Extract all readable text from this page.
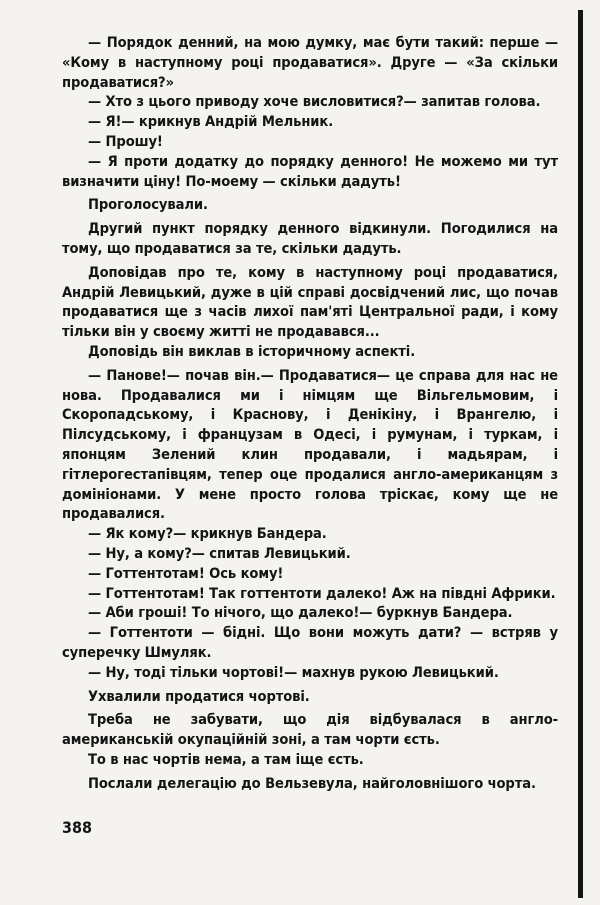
— Порядок денний, на мою думку, має бути такий: перше — «Кому в наступному році продаватися». Друге — «За скільки продаватися?»

— Хто з цього приводу хоче висловитися?— запитав голова.

— Я!— крикнув Андрій Мельник.

— Прошу!

— Я проти додатку до порядку денного! Не можемо ми тут визначити ціну! По-моему — скільки дадуть!

Проголосували.

Другий пункт порядку денного відкинули. Погодилися на тому, що продаватися за те, скільки дадуть.

Доповідав про те, кому в наступному році продаватися, Андрій Левицький, дуже в цій справі досвідчений лис, що почав продаватися ще з часів лихої пам'яті Центральної ради, і кому тільки він у своєму житті не продавався...

Доповідь він виклав в історичному аспекті.

— Панове!— почав він.— Продаватися— це справа для нас не нова. Продавалися ми і німцям ще Вільгельмовим, і Скоропадському, і Краснову, і Денікіну, і Врангелю, і Пілсудському, і французам в Одесі, і румунам, і туркам, і японцям Зелений клин продавали, і мадьярам, і гітлерогестапівцям, тепер оце продалися англо-американцям з домініонами. У мене просто голова тріскає, кому ще не продавалися.

— Як кому?— крикнув Бандера.

— Ну, а кому?— спитав Левицький.

— Готтентотам! Ось кому!

— Готтентотам! Так готтентоти далеко! Аж на півдні Африки.

— Аби гроші! То нічого, що далеко!— буркнув Бандера.

— Готтентоти — бідні. Що вони можуть дати? — встряв у суперечку Шмуляк.

— Ну, тоді тільки чортові!— махнув рукою Левицький.

Ухвалили продатися чортові.

Треба не забувати, що дія відбувалася в англо-американській окупаційній зоні, а там чорти єсть.

То в нас чортів нема, а там іще єсть.

Послали делегацію до Вельзевула, найголовнішого чорта.

388
